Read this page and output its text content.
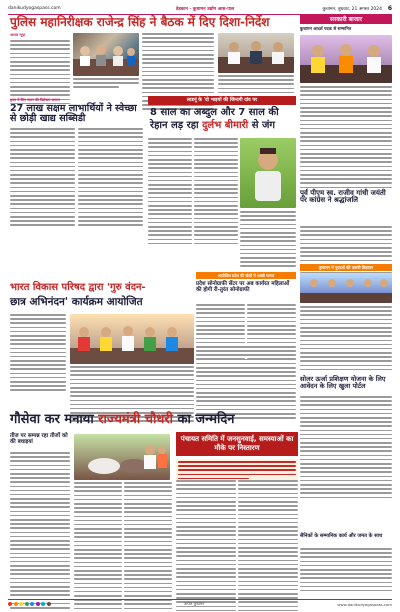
danikudyogaspass.com	डेडकान - कुचामन उद्योग आस-पास	कुचामन, बुधवार, 21 अगस्त 2024 6
पुलिस महानिरीक्षक राजेन्द्र सिंह ने बैठक में दिए दिशा-निर्देश
आपण न्यूज़
हृदय में लिए स्थान की विशेषता समाज
27 लाख सक्षम लाभार्थियों ने स्वेच्छा से छोड़ी खाद्य सब्सिडी
लाडनूं के 'दो भाइयों की जिन्दगी दांव पर
8 साल का अब्दुल और 7 साल की
रेहान लड़ रहा दुर्लभ बीमारी से जंग
सरकारी बाजार
कुचामन आदर्श पदक से सम्मानित
पूर्व पीएम स्व. राजीव गांधी जयंती पर कांग्रेस ने श्रद्धांजलि
कुचामन में युवाओं की ज़रूरी विज्ञापन
सोलर ऊर्जा प्रशिक्षण योजना के लिए आवेदन के लिए खुला पोर्टल
सैनिकों के सम्मानिक कार्य और जमत के साथ
आयोजित प्रदेश की खेलों में अच्छी फसल
प्रदेश सोनोग्राफी सेंटर पर अब कार्यरत महिलाओं की होगी री-तुरंत सोनोग्राफी
भारत विकास परिषद द्वारा 'गुरु वंदन-
छात्र अभिनंदन' कार्यक्रम आयोजित
गौसेवा कर मनाया राज्यमंत्री चौधरी का जन्मदिन
तीज पर सम्पन्न रहा तीजों को की बधाइयां	पंचायत समिति में जनसुनवाई, समस्याओं का मौके पर निस्तारण
आपण कुचामन	www.danikudyogaspass.com
